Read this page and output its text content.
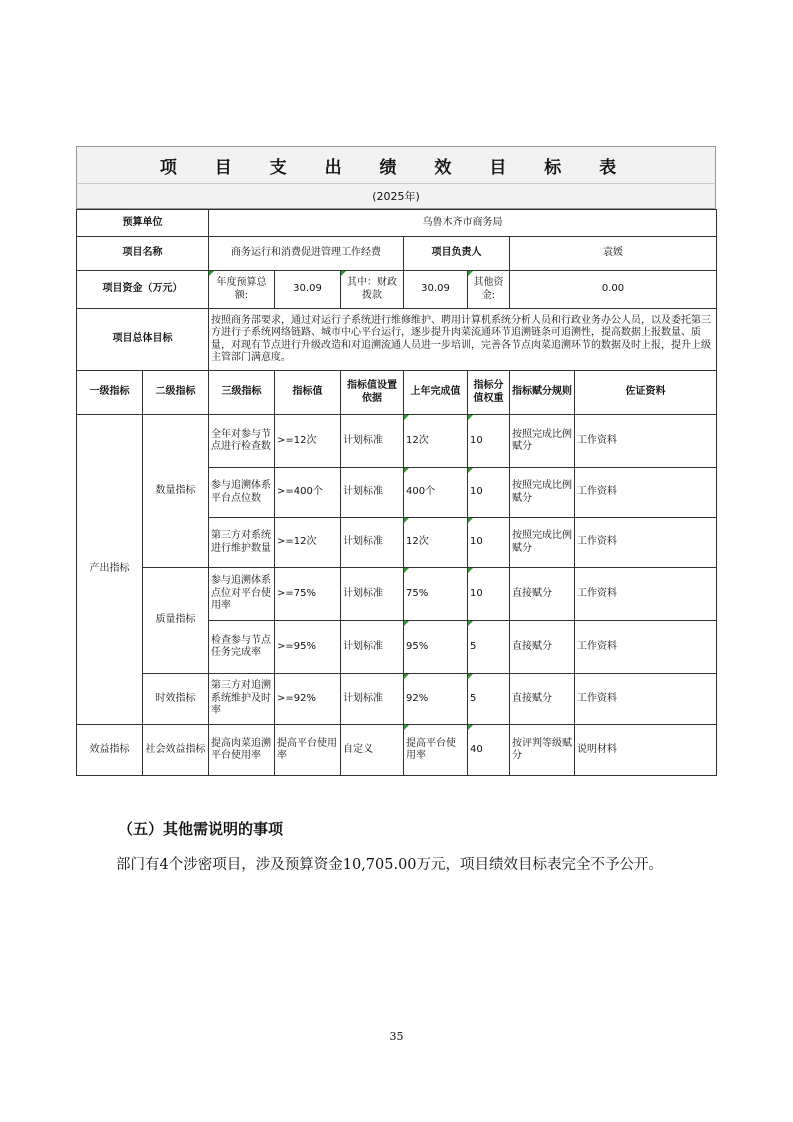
项 目 支 出 绩 效 目 标 表
(2025年)
预算单位		乌鲁木齐市商务局						
项目名称		商务运行和消费促进管理工作经费			项目负责人		袁媛	
项目资金（万元）		年度预算总额:	30.09	其中：财政拨款	30.09	其他资金:	0.00	
项目总体目标		按照商务部要求，通过对运行子系统进行维修维护、聘用计算机系统分析人员和行政业务办公人员，以及委托第三方进行子系统网络链路、城市中心平台运行，逐步提升肉菜流通环节追溯链条可追溯性，提高数据上报数量、质量，对现有节点进行升级改造和对追溯流通人员进一步培训，完善各节点肉菜追溯环节的数据及时上报，提升上级主管部门满意度。						
一级指标	二级指标	三级指标	指标值	指标值设置依据	上年完成值	指标分值权重	指标赋分规则	佐证资料
产出指标	数量指标	全年对参与节点进行检查数	>=12次	计划标准	12次	10	按照完成比例赋分	工作资料
		参与追溯体系平台点位数	>=400个	计划标准	400个	10	按照完成比例赋分	工作资料
		第三方对系统进行维护数量	>=12次	计划标准	12次	10	按照完成比例赋分	工作资料
	质量指标	参与追溯体系点位对平台使用率	>=75%	计划标准	75%	10	直接赋分	工作资料
		检查参与节点任务完成率	>=95%	计划标准	95%	5	直接赋分	工作资料
	时效指标	第三方对追溯系统维护及时率	>=92%	计划标准	92%	5	直接赋分	工作资料
效益指标	社会效益指标	提高肉菜追溯平台使用率	提高平台使用率	自定义	提高平台使用率	40	按评判等级赋分	说明材料
（五）其他需说明的事项
部门有4个涉密项目，涉及预算资金10,705.00万元，项目绩效目标表完全不予公开。
35
